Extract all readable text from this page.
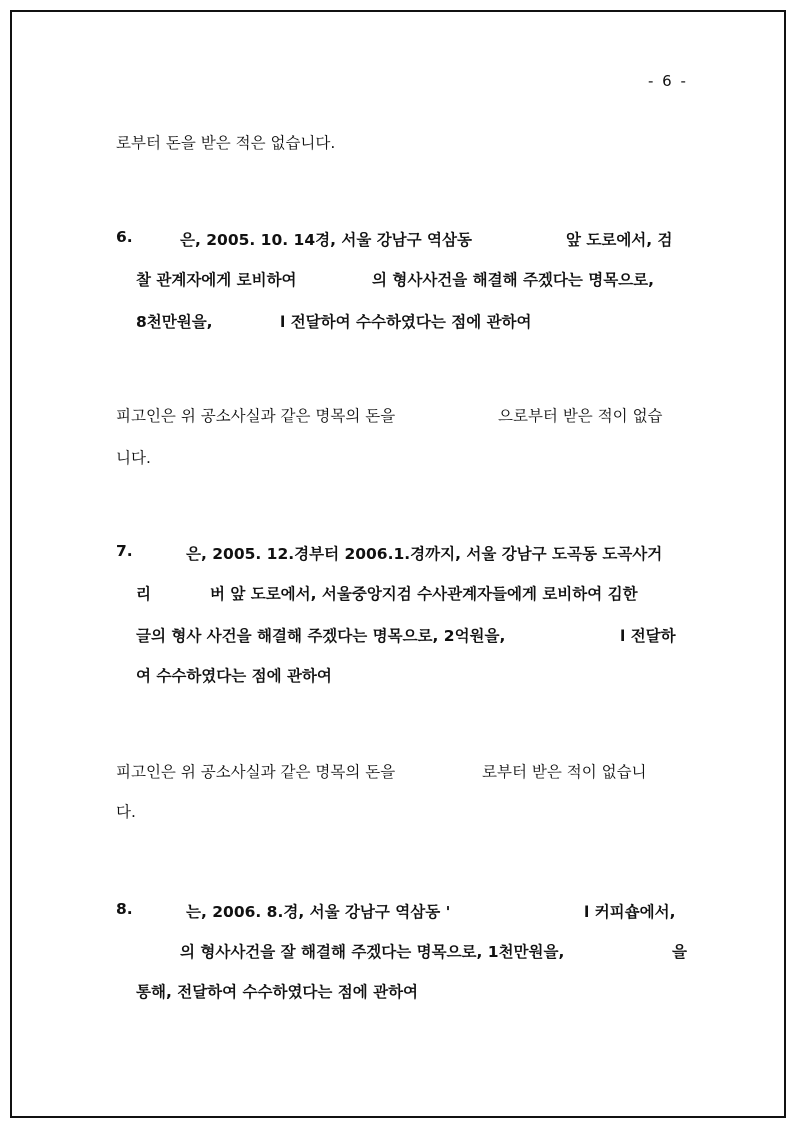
- 6 -
로부터 돈을 받은 적은 없습니다.
6.	은, 2005. 10. 14경, 서울 강남구 역삼동	앞 도로에서, 검
찰 관계자에게 로비하여	의 형사사건을 해결해 주겠다는 명목으로,
8천만원을,	l 전달하여 수수하였다는 점에 관하여
피고인은 위 공소사실과 같은 명목의 돈을	으로부터 받은 적이 없습
니다.
7.	은, 2005. 12.경부터 2006.1.경까지, 서울 강남구 도곡동 도곡사거
리	버 앞 도로에서, 서울중앙지검 수사관계자들에게 로비하여 김한
글의 형사 사건을 해결해 주겠다는 명목으로, 2억원을,	l 전달하
여 수수하였다는 점에 관하여
피고인은 위 공소사실과 같은 명목의 돈을	로부터 받은 적이 없습니
다.
8.	는, 2006. 8.경, 서울 강남구 역삼동 '	l 커피숍에서,
의 형사사건을 잘 해결해 주겠다는 명목으로, 1천만원을,	을
통해, 전달하여 수수하였다는 점에 관하여
